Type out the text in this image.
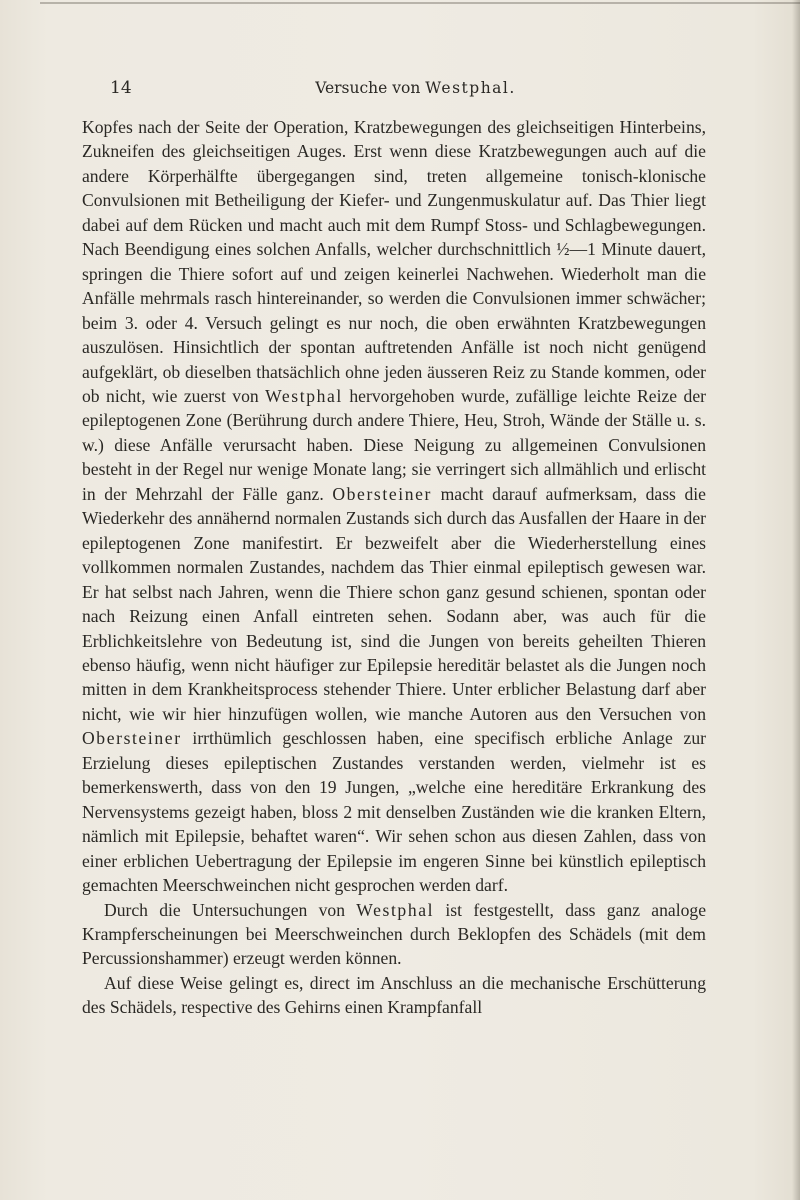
14	Versuche von Westphal.

Kopfes nach der Seite der Operation, Kratzbewegungen des gleichseitigen Hinterbeins, Zukneifen des gleichseitigen Auges. Erst wenn diese Kratzbewegungen auch auf die andere Körperhälfte übergegangen sind, treten allgemeine tonisch-klonische Convulsionen mit Betheiligung der Kiefer- und Zungenmuskulatur auf. Das Thier liegt dabei auf dem Rücken und macht auch mit dem Rumpf Stoss- und Schlagbewegungen. Nach Beendigung eines solchen Anfalls, welcher durchschnittlich ½—1 Minute dauert, springen die Thiere sofort auf und zeigen keinerlei Nachwehen. Wiederholt man die Anfälle mehrmals rasch hintereinander, so werden die Convulsionen immer schwächer; beim 3. oder 4. Versuch gelingt es nur noch, die oben erwähnten Kratzbewegungen auszulösen. Hinsichtlich der spontan auftretenden Anfälle ist noch nicht genügend aufgeklärt, ob dieselben thatsächlich ohne jeden äusseren Reiz zu Stande kommen, oder ob nicht, wie zuerst von Westphal hervorgehoben wurde, zufällige leichte Reize der epileptogenen Zone (Berührung durch andere Thiere, Heu, Stroh, Wände der Ställe u. s. w.) diese Anfälle verursacht haben. Diese Neigung zu allgemeinen Convulsionen besteht in der Regel nur wenige Monate lang; sie verringert sich allmählich und erlischt in der Mehrzahl der Fälle ganz. Obersteiner macht darauf aufmerksam, dass die Wiederkehr des annähernd normalen Zustands sich durch das Ausfallen der Haare in der epileptogenen Zone manifestirt. Er bezweifelt aber die Wiederherstellung eines vollkommen normalen Zustandes, nachdem das Thier einmal epileptisch gewesen war. Er hat selbst nach Jahren, wenn die Thiere schon ganz gesund schienen, spontan oder nach Reizung einen Anfall eintreten sehen. Sodann aber, was auch für die Erblichkeitslehre von Bedeutung ist, sind die Jungen von bereits geheilten Thieren ebenso häufig, wenn nicht häufiger zur Epilepsie hereditär belastet als die Jungen noch mitten in dem Krankheitsprocess stehender Thiere. Unter erblicher Belastung darf aber nicht, wie wir hier hinzufügen wollen, wie manche Autoren aus den Versuchen von Obersteiner irrthümlich geschlossen haben, eine specifisch erbliche Anlage zur Erzielung dieses epileptischen Zustandes verstanden werden, vielmehr ist es bemerkenswerth, dass von den 19 Jungen, „welche eine hereditäre Erkrankung des Nervensystems gezeigt haben, bloss 2 mit denselben Zuständen wie die kranken Eltern, nämlich mit Epilepsie, behaftet waren“. Wir sehen schon aus diesen Zahlen, dass von einer erblichen Uebertragung der Epilepsie im engeren Sinne bei künstlich epileptisch gemachten Meerschweinchen nicht gesprochen werden darf.

Durch die Untersuchungen von Westphal ist festgestellt, dass ganz analoge Krampferscheinungen bei Meerschweinchen durch Beklopfen des Schädels (mit dem Percussionshammer) erzeugt werden können.

Auf diese Weise gelingt es, direct im Anschluss an die mechanische Erschütterung des Schädels, respective des Gehirns einen Krampfanfall
